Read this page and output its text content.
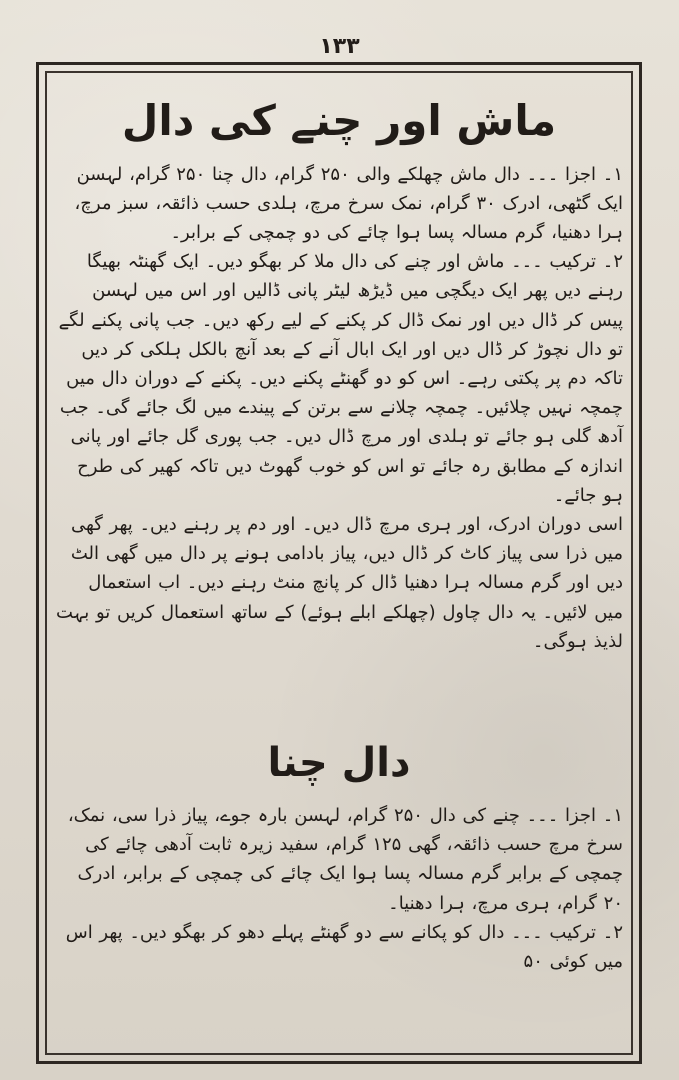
۱۳۳
ماش اور چنے کی دال

۱۔ اجزا ۔۔۔ دال ماش چھلکے والی ۲۵۰ گرام، دال چنا ۲۵۰ گرام، لہسن ایک گٹھی، ادرک ۳۰ گرام، نمک سرخ مرچ، ہلدی حسب ذائقہ، سبز مرچ، ہرا دھنیا، گرم مسالہ پسا ہوا چائے کی دو چمچی کے برابر۔

۲۔ ترکیب ۔۔۔ ماش اور چنے کی دال ملا کر بھگو دیں۔ ایک گھنٹہ بھیگا رہنے دیں پھر ایک دیگچی میں ڈیڑھ لیٹر پانی ڈالیں اور اس میں لہسن پیس کر ڈال دیں اور نمک ڈال کر پکنے کے لیے رکھ دیں۔ جب پانی پکنے لگے تو دال نچوڑ کر ڈال دیں اور ایک ابال آنے کے بعد آنچ بالکل ہلکی کر دیں تاکہ دم پر پکتی رہے۔ اس کو دو گھنٹے پکنے دیں۔ پکنے کے دوران دال میں چمچہ نہیں چلائیں۔ چمچہ چلانے سے برتن کے پیندے میں لگ جائے گی۔ جب آدھ گلی ہو جائے تو ہلدی اور مرچ ڈال دیں۔ جب پوری گل جائے اور پانی اندازہ کے مطابق رہ جائے تو اس کو خوب گھوٹ دیں تاکہ کھیر کی طرح ہو جائے۔

اسی دوران ادرک، اور ہری مرچ ڈال دیں۔ اور دم پر رہنے دیں۔ پھر گھی میں ذرا سی پیاز کاٹ کر ڈال دیں، پیاز بادامی ہونے پر دال میں گھی الٹ دیں اور گرم مسالہ ہرا دھنیا ڈال کر پانچ منٹ رہنے دیں۔ اب استعمال میں لائیں۔ یہ دال چاول (چھلکے ابلے ہوئے) کے ساتھ استعمال کریں تو بہت لذیذ ہوگی۔

دال چنا

۱۔ اجزا ۔۔۔ چنے کی دال ۲۵۰ گرام، لہسن بارہ جوے، پیاز ذرا سی، نمک، سرخ مرچ حسب ذائقہ، گھی ۱۲۵ گرام، سفید زیرہ ثابت آدھی چائے کی چمچی کے برابر گرم مسالہ پسا ہوا ایک چائے کی چمچی کے برابر، ادرک ۲۰ گرام، ہری مرچ، ہرا دھنیا۔

۲۔ ترکیب ۔۔۔ دال کو پکانے سے دو گھنٹے پہلے دھو کر بھگو دیں۔ پھر اس میں کوئی ۵۰
